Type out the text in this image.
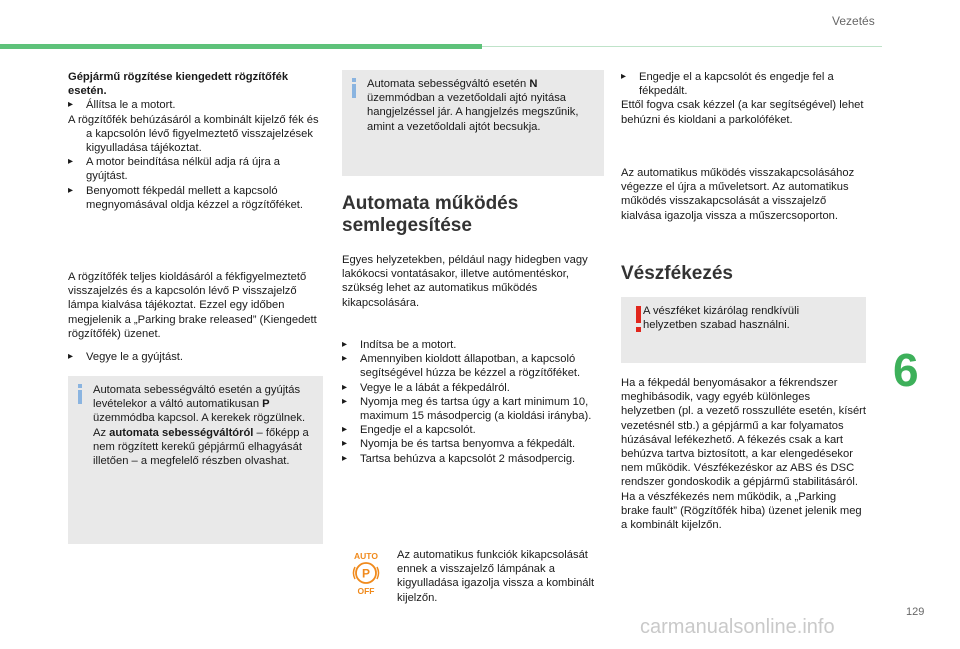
Vezetés

Gépjármű rögzítése kiengedett rögzítőfék esetén.

▸ Állítsa le a motort.

A rögzítőfék behúzásáról a kombinált kijelző fék és a kapcsolón lévő figyelmeztető visszajelzések kigyulladása tájékoztat.

▸ A motor beindítása nélkül adja rá újra a gyújtást.
▸ Benyomott fékpedál mellett a kapcsoló megnyomásával oldja kézzel a rögzítőféket.

A rögzítőfék teljes kioldásáról a fékfigyelmeztető visszajelzés és a kapcsolón lévő P visszajelző lámpa kialvása tájékoztat. Ezzel egy időben megjelenik a „Parking brake released” (Kiengedett rögzítőfék) üzenet.

▸ Vegye le a gyújtást.

Automata sebességváltó esetén a gyújtás levételekor a váltó automatikusan P üzemmódba kapcsol. A kerekek rögzülnek.

Az automata sebességváltóról – főképp a nem rögzített kerekű gépjármű elhagyását illetően – a megfelelő részben olvashat.

Automata sebességváltó esetén N üzemmódban a vezetőoldali ajtó nyitása hangjelzéssel jár. A hangjelzés megszűnik, amint a vezetőoldali ajtót becsukja.

Automata működés

semlegesítése

Egyes helyzetekben, például nagy hidegben vagy lakókocsi vontatásakor, illetve autómentéskor, szükség lehet az automatikus működés kikapcsolására.

▸ Indítsa be a motort.
▸ Amennyiben kioldott állapotban, a kapcsoló segítségével húzza be kézzel a rögzítőféket.
▸ Vegye le a lábát a fékpedálról.
▸ Nyomja meg és tartsa úgy a kart minimum 10, maximum 15 másodpercig (a kioldási irányba).
▸ Engedje el a kapcsolót.
▸ Nyomja be és tartsa benyomva a fékpedált.
▸ Tartsa behúzva a kapcsolót 2 másodpercig.
AUTO
P
OFF

Az automatikus funkciók kikapcsolását ennek a visszajelző lámpának a kigyulladása igazolja vissza a kombinált kijelzőn.

▸ Engedje el a kapcsolót és engedje fel a fékpedált.

Ettől fogva csak kézzel (a kar segítségével) lehet behúzni és kioldani a parkolóféket.

Az automatikus működés visszakapcsolásához végezze el újra a műveletsort. Az automatikus működés visszakapcsolását a visszajelző kialvása igazolja vissza a műszercsoporton.

Vészfékezés

A vészféket kizárólag rendkívüli helyzetben szabad használni.

Ha a fékpedál benyomásakor a fékrendszer meghibásodik, vagy egyéb különleges helyzetben (pl. a vezető rosszulléte esetén, kísért vezetésnél stb.) a gépjármű a kar folyamatos húzásával lefékezhető. A fékezés csak a kart behúzva tartva biztosított, a kar elengedésekor nem működik. Vészfékezéskor az ABS és DSC rendszer gondoskodik a gépjármű stabilitásáról. Ha a vészfékezés nem működik, a „Parking brake fault” (Rögzítőfék hiba) üzenet jelenik meg a kombinált kijelzőn.

6
129
carmanualsonline.info
